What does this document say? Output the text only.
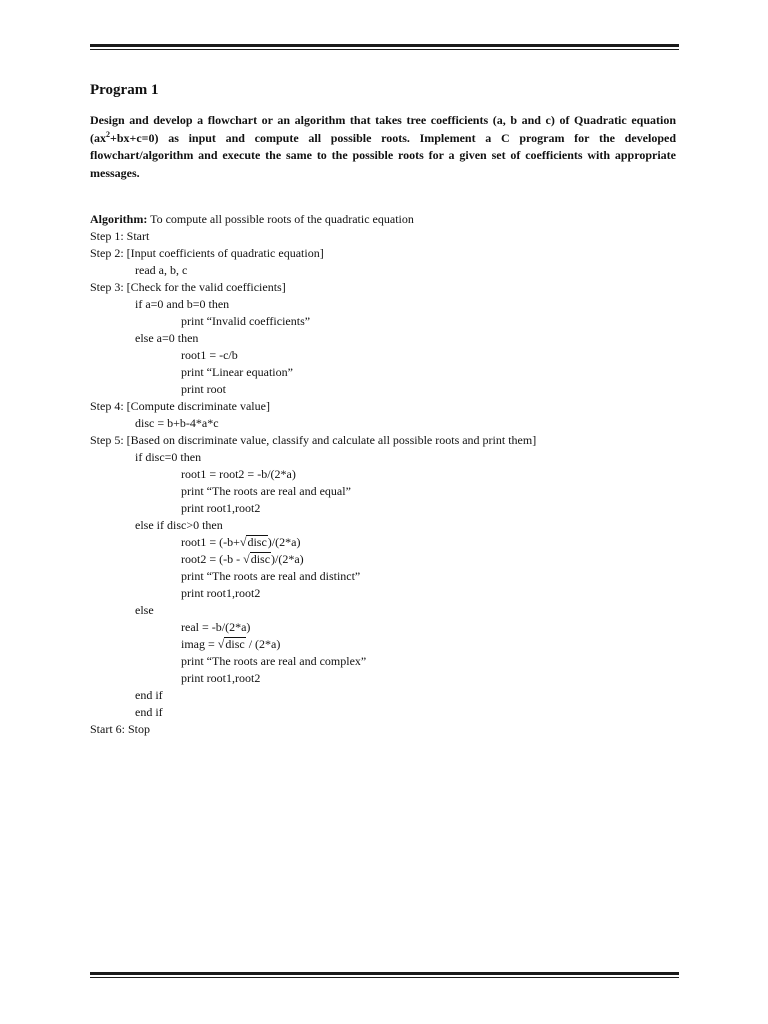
Program 1
Design and develop a flowchart or an algorithm that takes tree coefficients (a, b and c) of Quadratic equation $(ax^2+bx+c=0)$ as input and compute all possible roots. Implement a C program for the developed flowchart/algorithm and execute the same to the possible roots for a given set of coefficients with appropriate messages.
Algorithm: To compute all possible roots of the quadratic equation
Step 1: Start
Step 2: [Input coefficients of quadratic equation]
read a, b, c
Step 3: [Check for the valid coefficients]
if a=0 and b=0 then
print “Invalid coefficients”
else a=0 then
root1 = -c/b
print “Linear equation”
print root
Step 4: [Compute discriminate value]
disc = b+b-4*a*c
Step 5: [Based on discriminate value, classify and calculate all possible roots and print them]
if disc=0 then
root1 = root2 = -b/(2*a)
print “The roots are real and equal”
print root1,root2
else if disc>0 then
root1 = (-b+√disc)/(2*a)
root2 = (-b - √disc)/(2*a)
print “The roots are real and distinct”
print root1,root2
else
real = -b/(2*a)
imag = √disc / (2*a)
print “The roots are real and complex”
print root1,root2
end if
end if
Start 6: Stop
